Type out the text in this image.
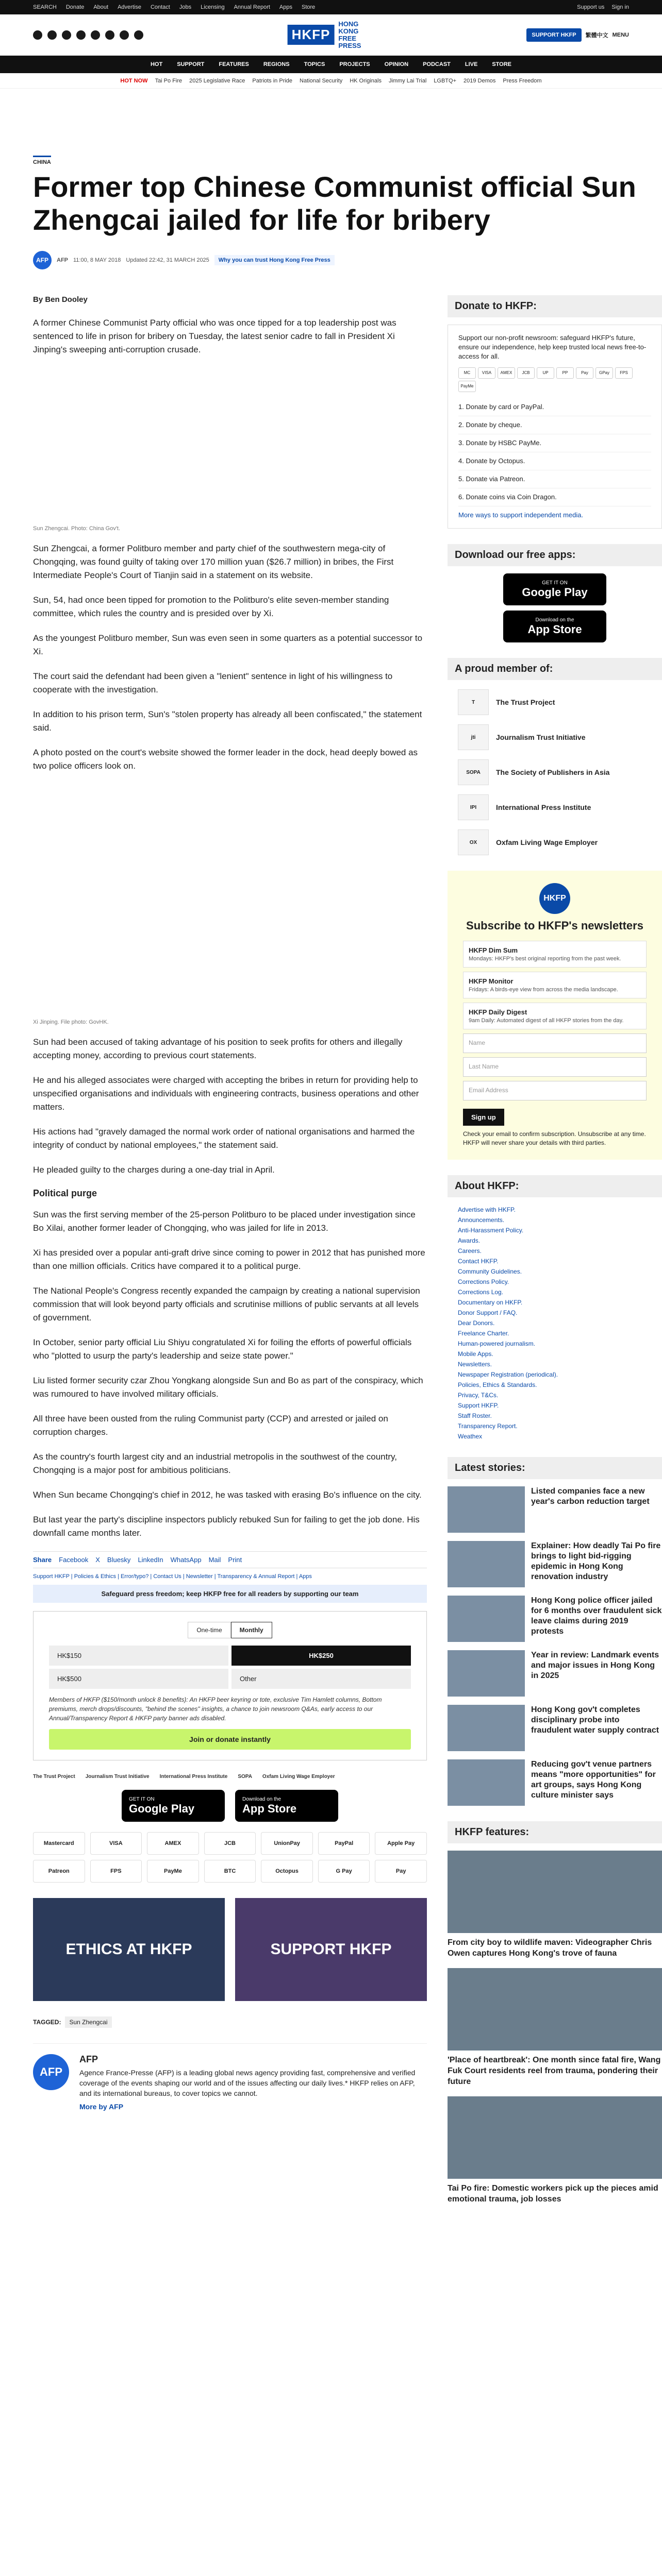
SEARCH Donate About Advertise Contact Jobs Licensing Annual Report Apps Store	Support us Sign in
HKFP
HONG KONG FREE PRESS
SUPPORT HKFP	繁體中文 MENU
HOT	SUPPORT	FEATURES	REGIONS	TOPICS	PROJECTS	OPINION	PODCAST	LIVE	STORE
HOT NOW Tai Po Fire 2025 Legislative Race Patriots in Pride National Security HK Originals Jimmy Lai Trial LGBTQ+ 2019 Demos Press Freedom
CHINA
Former top Chinese Communist official Sun Zhengcai jailed for life for bribery
AFP	AFP 11:00, 8 MAY 2018 Updated 22:42, 31 MARCH 2025	Why you can trust Hong Kong Free Press
By Ben Dooley

A former Chinese Communist Party official who was once tipped for a top leadership post was sentenced to life in prison for bribery on Tuesday, the latest senior cadre to fall in President Xi Jinping's sweeping anti-corruption crusade.

Sun Zhengcai. Photo: China Gov't.

Sun Zhengcai, a former Politburo member and party chief of the southwestern mega-city of Chongqing, was found guilty of taking over 170 million yuan ($26.7 million) in bribes, the First Intermediate People's Court of Tianjin said in a statement on its website.

Sun, 54, had once been tipped for promotion to the Politburo's elite seven-member standing committee, which rules the country and is presided over by Xi.

As the youngest Politburo member, Sun was even seen in some quarters as a potential successor to Xi.

The court said the defendant had been given a "lenient" sentence in light of his willingness to cooperate with the investigation.

In addition to his prison term, Sun's "stolen property has already all been confiscated," the statement said.

A photo posted on the court's website showed the former leader in the dock, head deeply bowed as two police officers look on.

Xi Jinping. File photo: GovHK.

Sun had been accused of taking advantage of his position to seek profits for others and illegally accepting money, according to previous court statements.

He and his alleged associates were charged with accepting the bribes in return for providing help to unspecified organisations and individuals with engineering contracts, business operations and other matters.

His actions had "gravely damaged the normal work order of national organisations and harmed the integrity of conduct by national employees," the statement said.

He pleaded guilty to the charges during a one-day trial in April.

Political purge

Sun was the first serving member of the 25-person Politburo to be placed under investigation since Bo Xilai, another former leader of Chongqing, who was jailed for life in 2013.

Xi has presided over a popular anti-graft drive since coming to power in 2012 that has punished more than one million officials. Critics have compared it to a political purge.

The National People's Congress recently expanded the campaign by creating a national supervision commission that will look beyond party officials and scrutinise millions of public servants at all levels of government.

In October, senior party official Liu Shiyu congratulated Xi for foiling the efforts of powerful officials who "plotted to usurp the party's leadership and seize state power."

Liu listed former security czar Zhou Yongkang alongside Sun and Bo as part of the conspiracy, which was rumoured to have involved military officials.

All three have been ousted from the ruling Communist party (CCP) and arrested or jailed on corruption charges.

As the country's fourth largest city and an industrial metropolis in the southwest of the country, Chongqing is a major post for ambitious politicians.

When Sun became Chongqing's chief in 2012, he was tasked with erasing Bo's influence on the city.

But last year the party's discipline inspectors publicly rebuked Sun for failing to get the job done. His downfall came months later.

Share Facebook X Bluesky LinkedIn WhatsApp Mail Print
Support HKFP | Policies & Ethics | Error/typo? | Contact Us | Newsletter | Transparency & Annual Report | Apps
Safeguard press freedom; keep HKFP free for all readers by supporting our team
One-time	Monthly
HK$150	HK$250
HK$500	Other
Members of HKFP ($150/month unlock 8 benefits): An HKFP beer keyring or tote, exclusive Tim Hamlett columns, Bottom premiums, merch drops/discounts, "behind the scenes" insights, a chance to join newsroom Q&As, early access to our Annual/Transparency Report & HKFP party banner ads disabled.
Join or donate instantly
The Trust Project Journalism Trust Initiative International Press Institute SOPA Oxfam Living Wage Employer
GET IT ON
Google Play
Download on the
App Store
Mastercard	VISA	AMEX	JCB	UnionPay	PayPal	Apple Pay
Patreon	FPS	PayMe	BTC	Octopus	G Pay	Pay
ETHICS AT HKFP	SUPPORT HKFP
TAGGED:	Sun Zhengcai
AFP
AFP
Agence France-Presse (AFP) is a leading global news agency providing fast, comprehensive and verified coverage of the events shaping our world and of the issues affecting our daily lives.* HKFP relies on AFP, and its international bureaus, to cover topics we cannot.
More by AFP
Donate to HKFP:
Support our non-profit newsroom: safeguard HKFP's future, ensure our independence, help keep trusted local news free-to-access for all.
MC	VISA	AMEX	JCB	UP	PP	Pay	GPay	FPS
PayMe
1. Donate by card or PayPal.
2. Donate by cheque.
3. Donate by HSBC PayMe.
4. Donate by Octopus.
5. Donate via Patreon.
6. Donate coins via Coin Dragon.
More ways to support independent media.
Download our free apps:
GET IT ON
Google Play

Download on the
App Store
A proud member of:
T	The Trust Project
jti	Journalism Trust Initiative
SOPA	The Society of Publishers in Asia
IPI	International Press Institute
OX	Oxfam Living Wage Employer
HKFP
Subscribe to HKFP's newsletters
HKFP Dim Sum
Mondays: HKFP's best original reporting from the past week.
HKFP Monitor
Fridays: A birds-eye view from across the media landscape.
HKFP Daily Digest
9am Daily: Automated digest of all HKFP stories from the day.
Name
Last Name
Email Address
Sign up
Check your email to confirm subscription. Unsubscribe at any time. HKFP will never share your details with third parties.
About HKFP:
Advertise with HKFP.
Announcements.
Anti-Harassment Policy.
Awards.
Careers.
Contact HKFP.
Community Guidelines.
Corrections Policy.
Corrections Log.
Documentary on HKFP.
Donor Support / FAQ.
Dear Donors.
Freelance Charter.
Human-powered journalism.
Mobile Apps.
Newsletters.
Newspaper Registration (periodical).
Policies, Ethics & Standards.
Privacy, T&Cs.
Support HKFP.
Staff Roster.
Transparency Report.
Weathex
Latest stories:
Listed companies face a new year's carbon reduction target
Explainer: How deadly Tai Po fire brings to light bid-rigging epidemic in Hong Kong renovation industry
Hong Kong police officer jailed for 6 months over fraudulent sick leave claims during 2019 protests
Year in review: Landmark events and major issues in Hong Kong in 2025
Hong Kong gov't completes disciplinary probe into fraudulent water supply contract
Reducing gov't venue partners means "more opportunities" for art groups, says Hong Kong culture minister says
HKFP features:
From city boy to wildlife maven: Videographer Chris Owen captures Hong Kong's trove of fauna
'Place of heartbreak': One month since fatal fire, Wang Fuk Court residents reel from trauma, pondering their future
Tai Po fire: Domestic workers pick up the pieces amid emotional trauma, job losses
